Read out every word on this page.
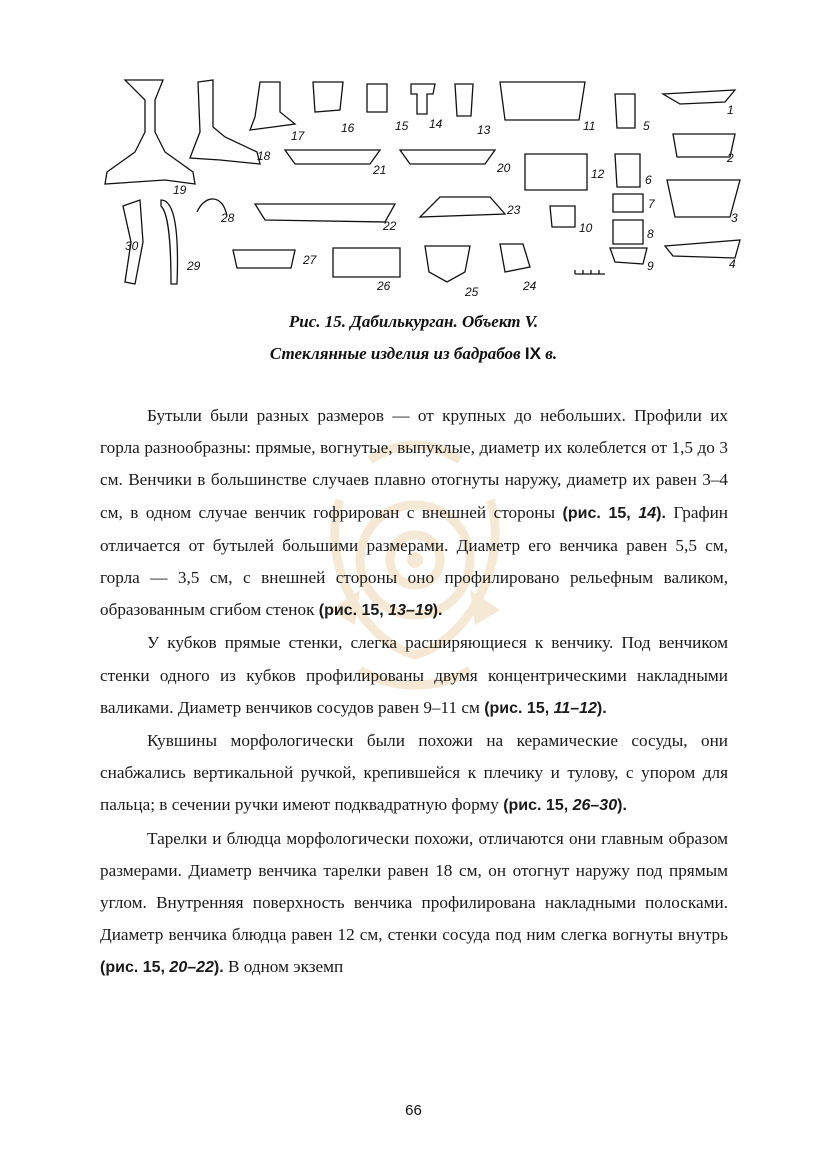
1
2
3
4
5
6
7
8
9
10
11
12
13
14
15
16
17
18
19
20
21
22
23
24
25
26
27
28
29
30
Рис. 15. Дабилькурган. Объект V.
Стеклянные изделия из бадрабов IX в.

Бутыли были разных размеров — от крупных до небольших. Профили их горла разнообразны: прямые, вогнутые, выпуклые, диаметр их колеблется от 1,5 до 3 см. Венчики в большинстве случаев плавно отогнуты наружу, диаметр их равен 3–4 см, в одном случае венчик гофрирован с внешней стороны (рис. 15, 14). Графин отличается от бутылей большими размерами. Диаметр его венчика равен 5,5 см, горла — 3,5 см, с внешней стороны оно профилировано рельефным валиком, образованным сгибом стенок (рис. 15, 13–19).

У кубков прямые стенки, слегка расширяющиеся к венчику. Под венчиком стенки одного из кубков профилированы двумя концентрическими накладными валиками. Диаметр венчиков сосудов равен 9–11 см (рис. 15, 11–12).

Кувшины морфологически были похожи на керамические сосуды, они снабжались вертикальной ручкой, крепившейся к плечику и тулову, с упором для пальца; в сечении ручки имеют подквадратную форму (рис. 15, 26–30).

Тарелки и блюдца морфологически похожи, отличаются они главным образом размерами. Диаметр венчика тарелки равен 18 см, он отогнут наружу под прямым углом. Внутренняя поверхность венчика профилирована накладными полосками. Диаметр венчика блюдца равен 12 см, стенки сосуда под ним слегка вогнуты внутрь (рис. 15, 20–22). В одном экземп

66
